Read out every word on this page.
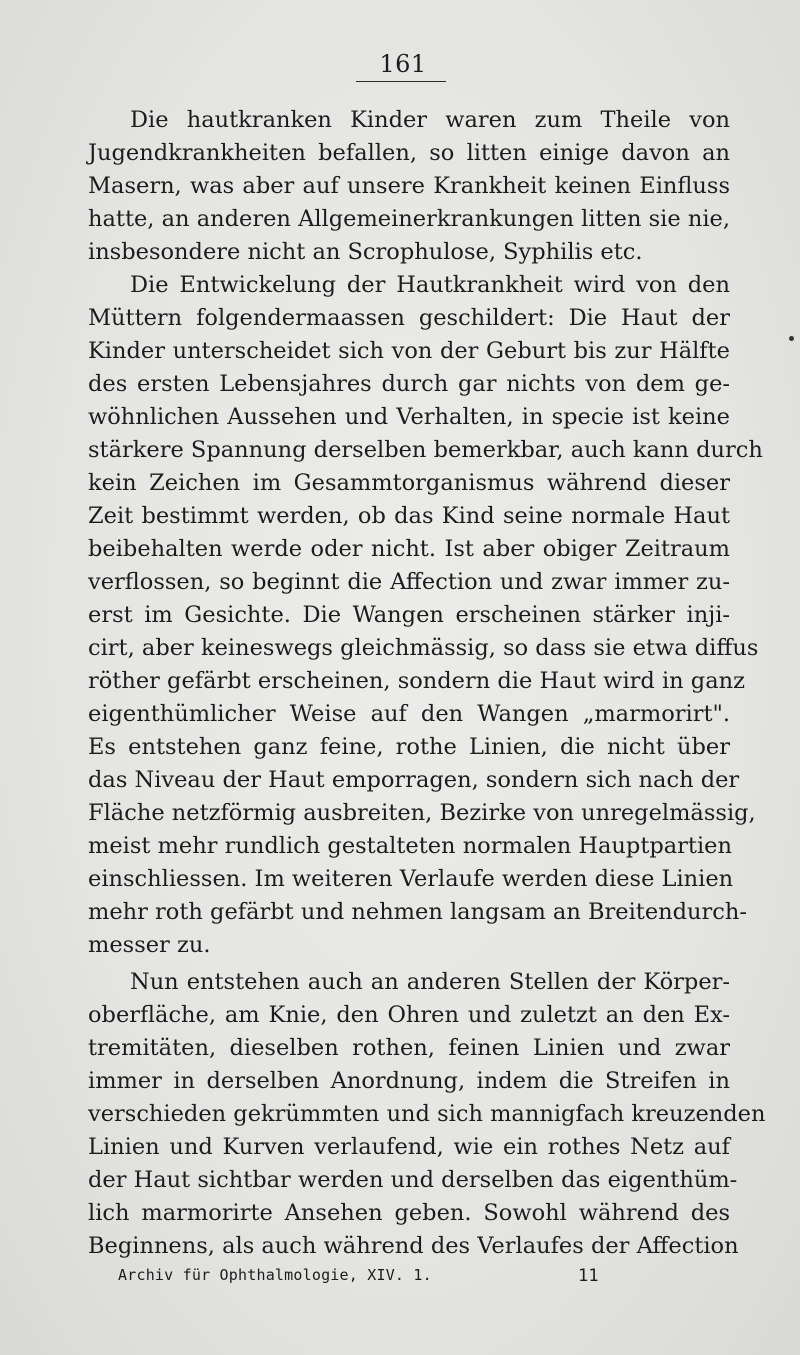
161
Die hautkranken Kinder waren zum Theile von
Jugendkrankheiten befallen, so litten einige davon an
Masern, was aber auf unsere Krankheit keinen Einfluss
hatte, an anderen Allgemeinerkrankungen litten sie nie,
insbesondere nicht an Scrophulose, Syphilis etc.
Die Entwickelung der Hautkrankheit wird von den
Müttern folgendermaassen geschildert: Die Haut der
Kinder unterscheidet sich von der Geburt bis zur Hälfte
des ersten Lebensjahres durch gar nichts von dem ge-
wöhnlichen Aussehen und Verhalten, in specie ist keine
stärkere Spannung derselben bemerkbar, auch kann durch
kein Zeichen im Gesammtorganismus während dieser
Zeit bestimmt werden, ob das Kind seine normale Haut
beibehalten werde oder nicht. Ist aber obiger Zeitraum
verflossen, so beginnt die Affection und zwar immer zu-
erst im Gesichte. Die Wangen erscheinen stärker inji-
cirt, aber keineswegs gleichmässig, so dass sie etwa diffus
röther gefärbt erscheinen, sondern die Haut wird in ganz
eigenthümlicher Weise auf den Wangen „marmorirt".
Es entstehen ganz feine, rothe Linien, die nicht über
das Niveau der Haut emporragen, sondern sich nach der
Fläche netzförmig ausbreiten, Bezirke von unregelmässig,
meist mehr rundlich gestalteten normalen Hauptpartien
einschliessen. Im weiteren Verlaufe werden diese Linien
mehr roth gefärbt und nehmen langsam an Breitendurch-
messer zu.
Nun entstehen auch an anderen Stellen der Körper-
oberfläche, am Knie, den Ohren und zuletzt an den Ex-
tremitäten, dieselben rothen, feinen Linien und zwar
immer in derselben Anordnung, indem die Streifen in
verschieden gekrümmten und sich mannigfach kreuzenden
Linien und Kurven verlaufend, wie ein rothes Netz auf
der Haut sichtbar werden und derselben das eigenthüm-
lich marmorirte Ansehen geben. Sowohl während des
Beginnens, als auch während des Verlaufes der Affection
Archiv für Ophthalmologie, XIV. 1.	11
